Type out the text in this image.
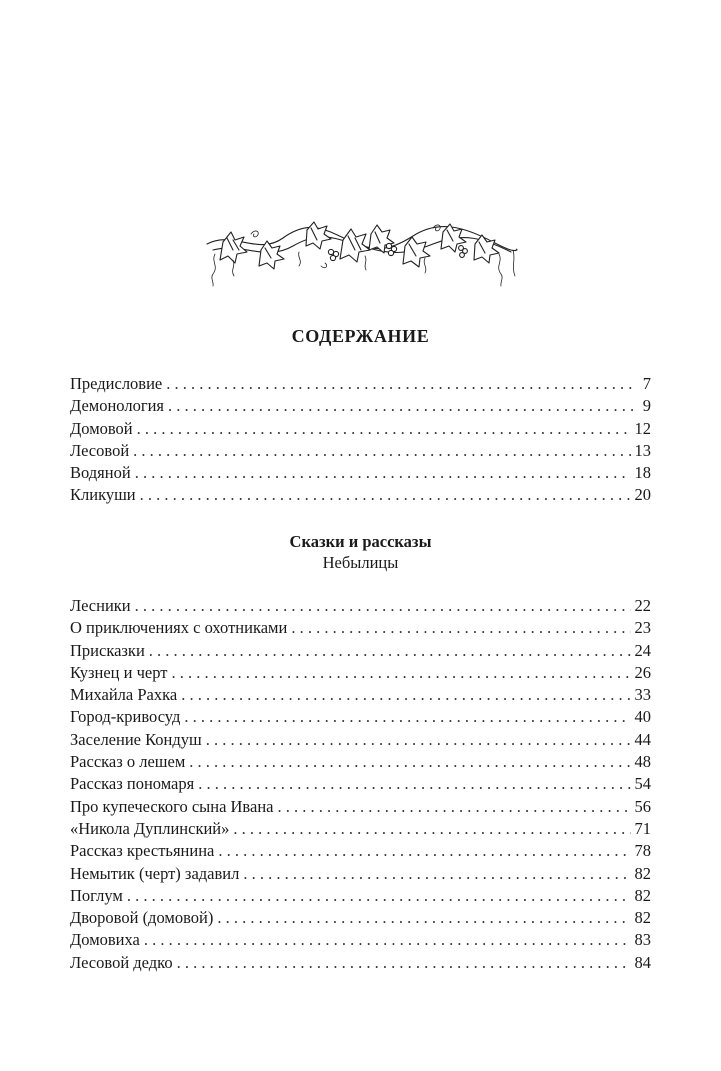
СОДЕРЖАНИЕ
Предисловие . . .	7
Демонология . . .	9
Домовой . . .	12
Лесовой . . .	13
Водяной . . .	18
Кликуши . . .	20
Сказки и рассказы
Небылицы
Лесники . . .	22
О приключениях с охотниками . . .	23
Присказки . . .	24
Кузнец и черт . . .	26
Михайла Рахка . . .	33
Город-кривосуд . . .	40
Заселение Кондуш . . .	44
Рассказ о лешем . . .	48
Рассказ пономаря . . .	54
Про купеческого сына Ивана . . .	56
«Никола Дуплинский» . . .	71
Рассказ крестьянина . . .	78
Немытик (черт) задавил . . .	82
Поглум . . .	82
Дворовой (домовой) . . .	82
Домовиха . . .	83
Лесовой дедко . . .	84
